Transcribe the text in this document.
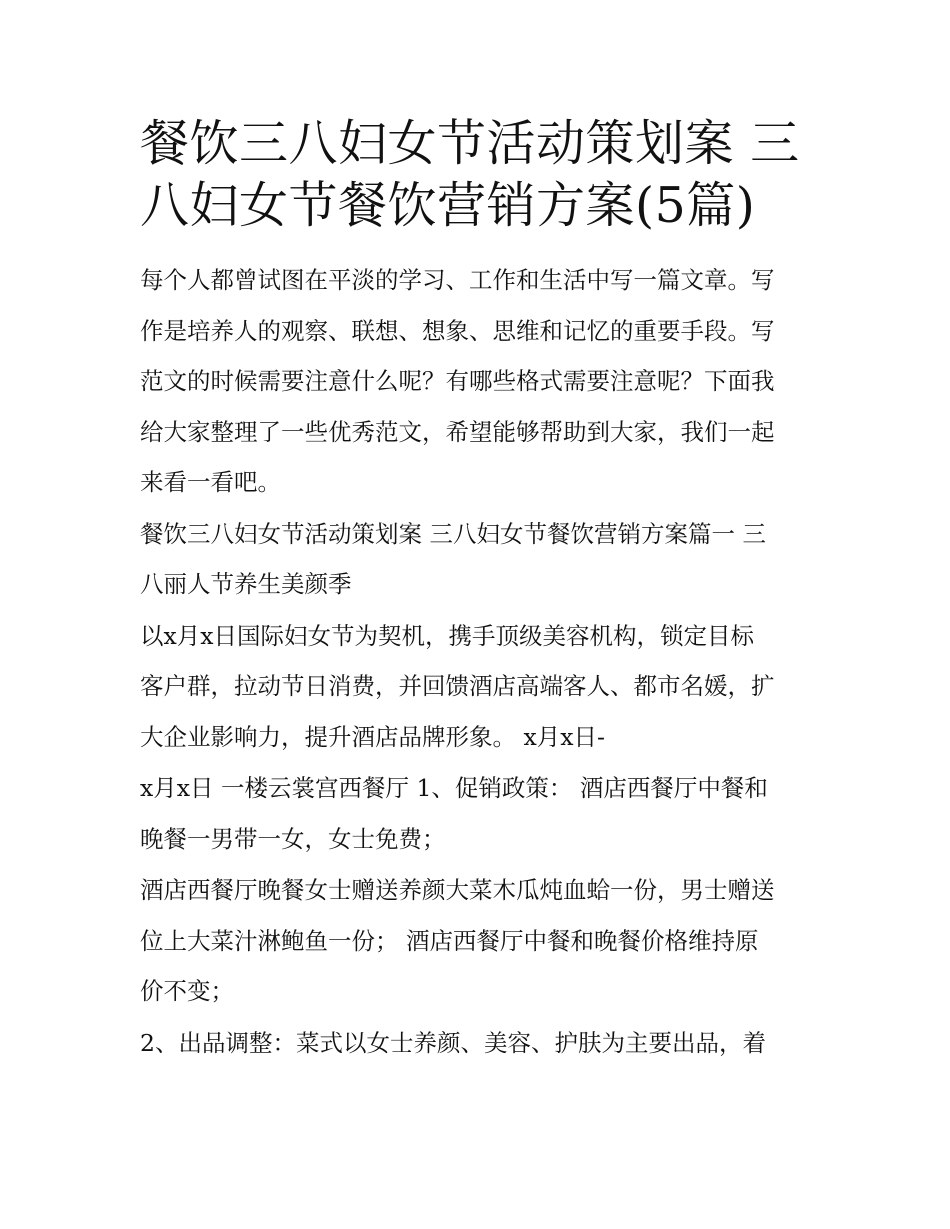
餐饮三八妇女节活动策划案 三
八妇女节餐饮营销方案(5篇)

每个人都曾试图在平淡的学习、工作和生活中写一篇文章。写
作是培养人的观察、联想、想象、思维和记忆的重要手段。写
范文的时候需要注意什么呢？有哪些格式需要注意呢？下面我
给大家整理了一些优秀范文，希望能够帮助到大家，我们一起
来看一看吧。

餐饮三八妇女节活动策划案 三八妇女节餐饮营销方案篇一 三
八丽人节养生美颜季

以x月x日国际妇女节为契机，携手顶级美容机构，锁定目标
客户群，拉动节日消费，并回馈酒店高端客人、都市名媛，扩
大企业影响力，提升酒店品牌形象。 x月x日-

x月x日 一楼云裳宫西餐厅 1、促销政策： 酒店西餐厅中餐和
晚餐一男带一女，女士免费；

酒店西餐厅晚餐女士赠送养颜大菜木瓜炖血蛤一份，男士赠送
位上大菜汁淋鲍鱼一份； 酒店西餐厅中餐和晚餐价格维持原
价不变；

2、出品调整：菜式以女士养颜、美容、护肤为主要出品，着
